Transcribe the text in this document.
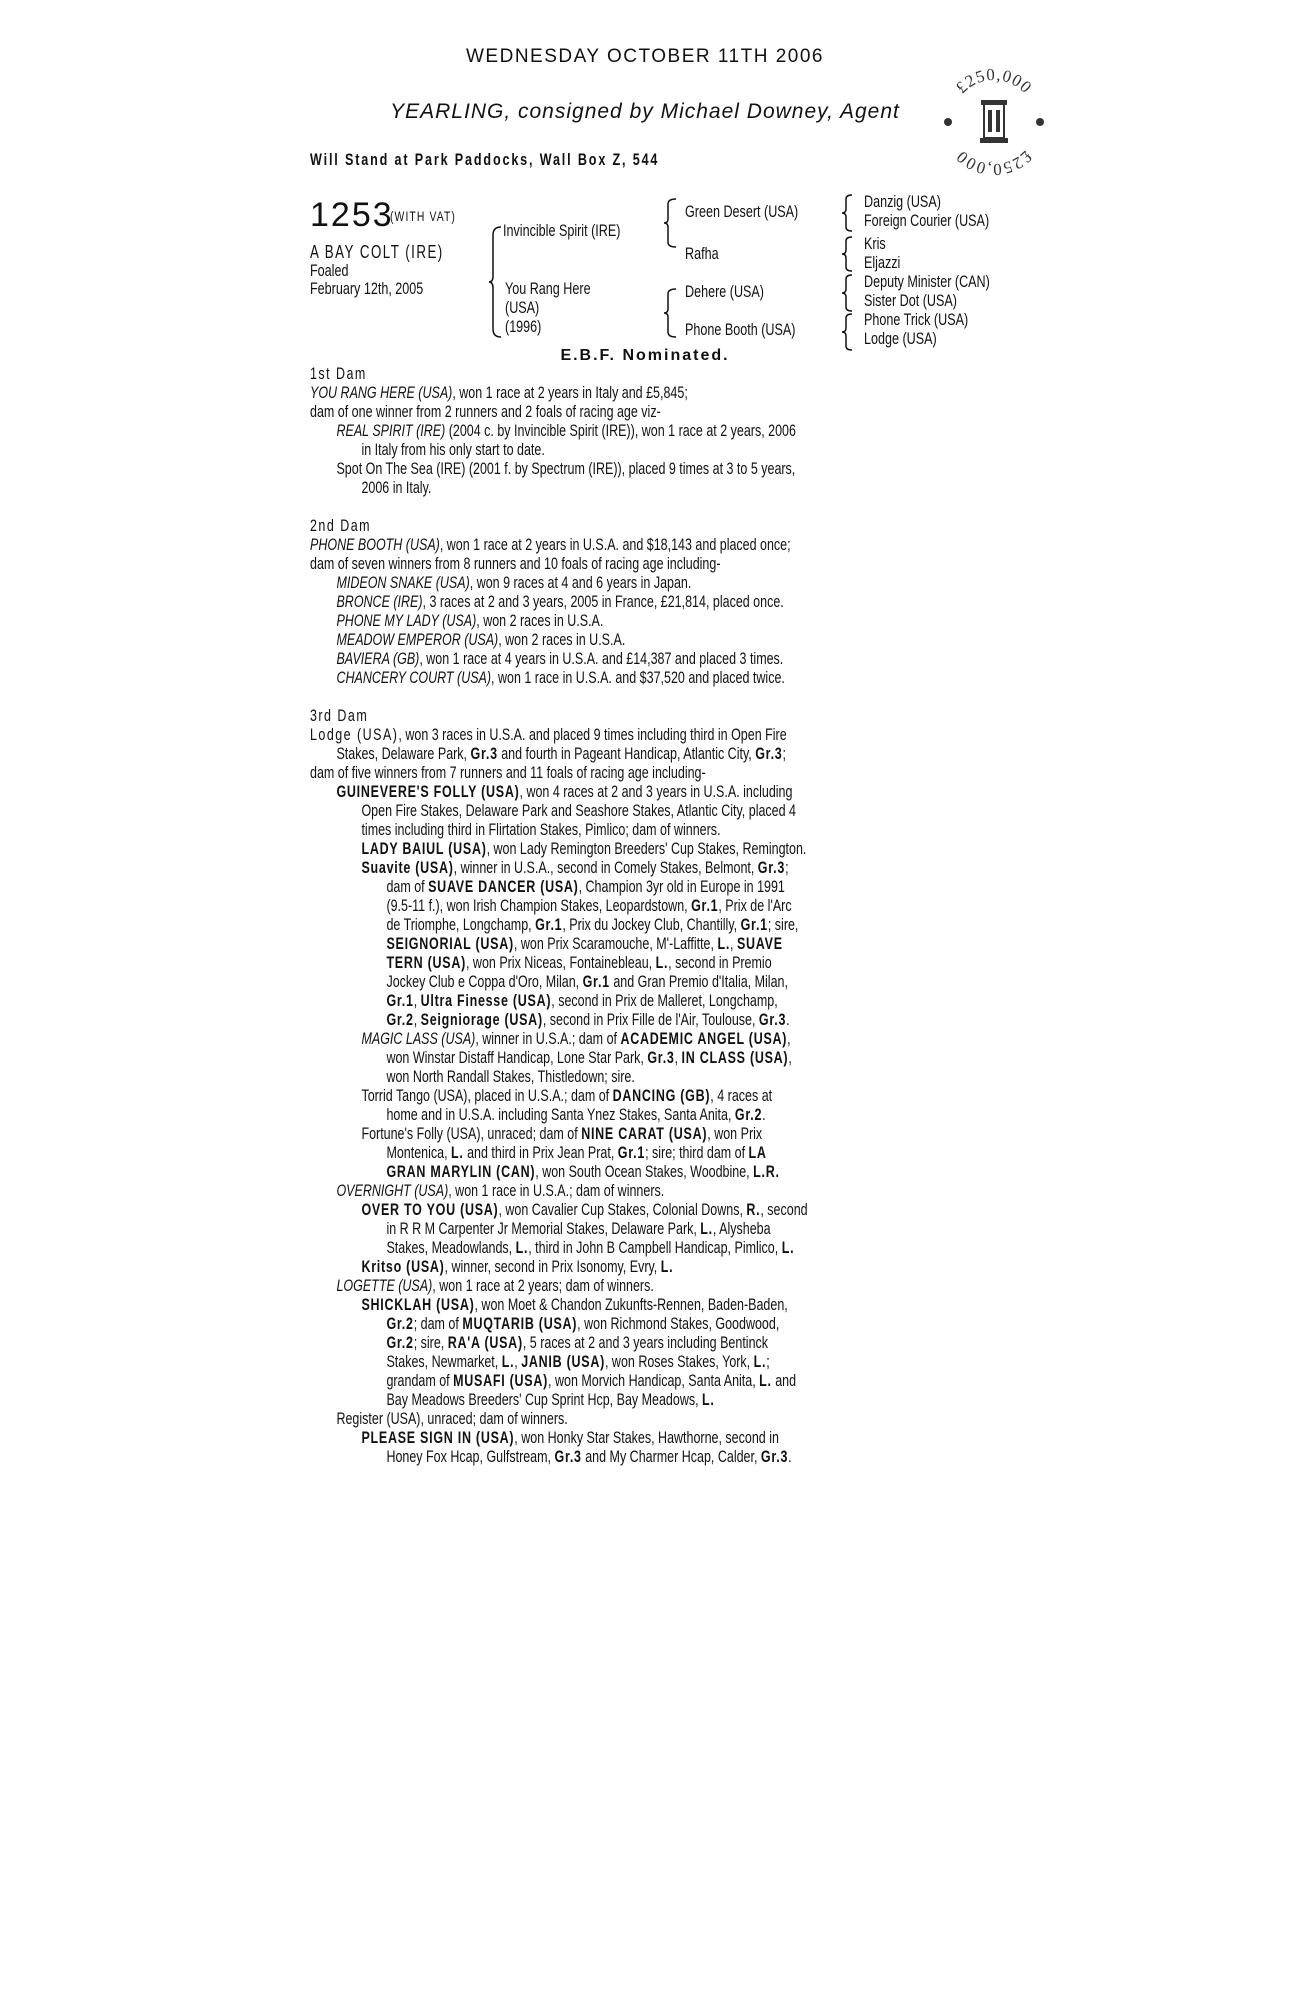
WEDNESDAY OCTOBER 11TH 2006
YEARLING, consigned by Michael Downey, Agent
Will Stand at Park Paddocks, Wall Box Z, 544
£250,000
£250,000
1253
(WITH VAT)
A BAY COLT (IRE)
Foaled
February 12th, 2005
Invincible Spirit (IRE)
You Rang Here
(USA)
(1996)
Green Desert (USA)
Rafha
Dehere (USA)
Phone Booth (USA)
Danzig (USA)
Foreign Courier (USA)
Kris
Eljazzi
Deputy Minister (CAN)
Sister Dot (USA)
Phone Trick (USA)
Lodge (USA)
E.B.F. Nominated.
1st Dam
YOU RANG HERE (USA), won 1 race at 2 years in Italy and £5,845;
dam of one winner from 2 runners and 2 foals of racing age viz-
REAL SPIRIT (IRE) (2004 c. by Invincible Spirit (IRE)), won 1 race at 2 years, 2006
in Italy from his only start to date.
Spot On The Sea (IRE) (2001 f. by Spectrum (IRE)), placed 9 times at 3 to 5 years,
2006 in Italy.
2nd Dam
PHONE BOOTH (USA), won 1 race at 2 years in U.S.A. and $18,143 and placed once;
dam of seven winners from 8 runners and 10 foals of racing age including-
MIDEON SNAKE (USA), won 9 races at 4 and 6 years in Japan.
BRONCE (IRE), 3 races at 2 and 3 years, 2005 in France, £21,814, placed once.
PHONE MY LADY (USA), won 2 races in U.S.A.
MEADOW EMPEROR (USA), won 2 races in U.S.A.
BAVIERA (GB), won 1 race at 4 years in U.S.A. and £14,387 and placed 3 times.
CHANCERY COURT (USA), won 1 race in U.S.A. and $37,520 and placed twice.
3rd Dam
Lodge (USA), won 3 races in U.S.A. and placed 9 times including third in Open Fire
Stakes, Delaware Park, Gr.3 and fourth in Pageant Handicap, Atlantic City, Gr.3;
dam of five winners from 7 runners and 11 foals of racing age including-
GUINEVERE'S FOLLY (USA), won 4 races at 2 and 3 years in U.S.A. including
Open Fire Stakes, Delaware Park and Seashore Stakes, Atlantic City, placed 4
times including third in Flirtation Stakes, Pimlico; dam of winners.
LADY BAIUL (USA), won Lady Remington Breeders' Cup Stakes, Remington.
Suavite (USA), winner in U.S.A., second in Comely Stakes, Belmont, Gr.3;
dam of SUAVE DANCER (USA), Champion 3yr old in Europe in 1991
(9.5-11 f.), won Irish Champion Stakes, Leopardstown, Gr.1, Prix de l'Arc
de Triomphe, Longchamp, Gr.1, Prix du Jockey Club, Chantilly, Gr.1; sire,
SEIGNORIAL (USA), won Prix Scaramouche, M'-Laffitte, L., SUAVE
TERN (USA), won Prix Niceas, Fontainebleau, L., second in Premio
Jockey Club e Coppa d'Oro, Milan, Gr.1 and Gran Premio d'Italia, Milan,
Gr.1, Ultra Finesse (USA), second in Prix de Malleret, Longchamp,
Gr.2, Seigniorage (USA), second in Prix Fille de l'Air, Toulouse, Gr.3.
MAGIC LASS (USA), winner in U.S.A.; dam of ACADEMIC ANGEL (USA),
won Winstar Distaff Handicap, Lone Star Park, Gr.3, IN CLASS (USA),
won North Randall Stakes, Thistledown; sire.
Torrid Tango (USA), placed in U.S.A.; dam of DANCING (GB), 4 races at
home and in U.S.A. including Santa Ynez Stakes, Santa Anita, Gr.2.
Fortune's Folly (USA), unraced; dam of NINE CARAT (USA), won Prix
Montenica, L. and third in Prix Jean Prat, Gr.1; sire; third dam of LA
GRAN MARYLIN (CAN), won South Ocean Stakes, Woodbine, L.R.
OVERNIGHT (USA), won 1 race in U.S.A.; dam of winners.
OVER TO YOU (USA), won Cavalier Cup Stakes, Colonial Downs, R., second
in R R M Carpenter Jr Memorial Stakes, Delaware Park, L., Alysheba
Stakes, Meadowlands, L., third in John B Campbell Handicap, Pimlico, L.
Kritso (USA), winner, second in Prix Isonomy, Evry, L.
LOGETTE (USA), won 1 race at 2 years; dam of winners.
SHICKLAH (USA), won Moet & Chandon Zukunfts-Rennen, Baden-Baden,
Gr.2; dam of MUQTARIB (USA), won Richmond Stakes, Goodwood,
Gr.2; sire, RA'A (USA), 5 races at 2 and 3 years including Bentinck
Stakes, Newmarket, L., JANIB (USA), won Roses Stakes, York, L.;
grandam of MUSAFI (USA), won Morvich Handicap, Santa Anita, L. and
Bay Meadows Breeders' Cup Sprint Hcp, Bay Meadows, L.
Register (USA), unraced; dam of winners.
PLEASE SIGN IN (USA), won Honky Star Stakes, Hawthorne, second in
Honey Fox Hcap, Gulfstream, Gr.3 and My Charmer Hcap, Calder, Gr.3.
